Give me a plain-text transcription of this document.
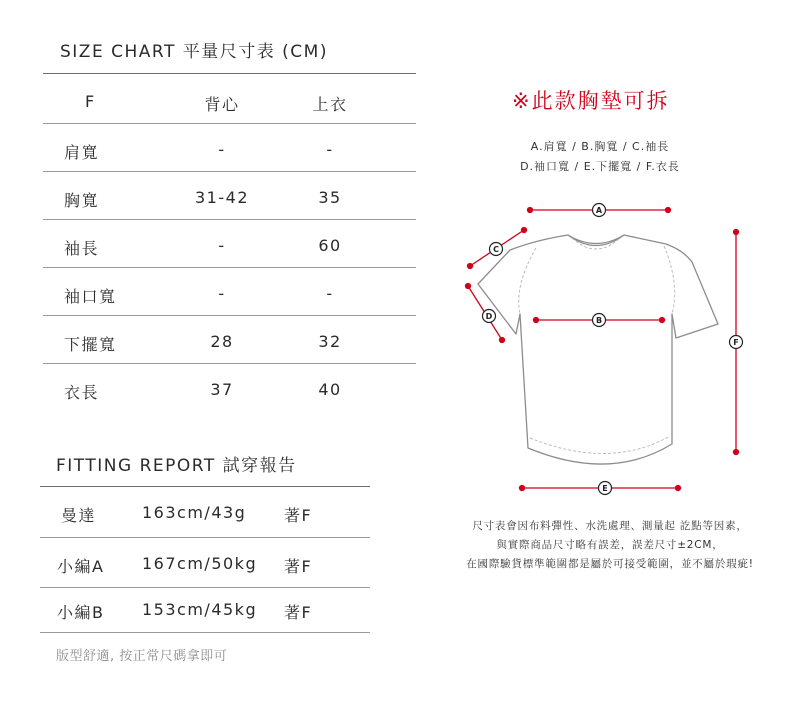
SIZE CHART 平量尺寸表 (CM)
F	背心	上衣
肩寬	-	-
胸寬	31-42	35
袖長	-	60
袖口寬	-	-
下擺寬	28	32
衣長	37	40
FITTING REPORT 試穿報告
曼達	163cm/43g 著F
小編A 167cm/50kg 著F
小編B 153cm/45kg 著F
版型舒適, 按正常尺碼拿即可
※此款胸墊可拆
A.肩寬 / B.胸寬 / C.袖長
D.袖口寬 / E.下擺寬 / F.衣長
A
C
D	B
F
E
尺寸表會因布料彈性、水洗處理、測量起 訖點等因素，
與實際商品尺寸略有誤差，誤差尺寸±2CM，
在國際驗貨標準範圍都是屬於可接受範圍，並不屬於瑕疵!
